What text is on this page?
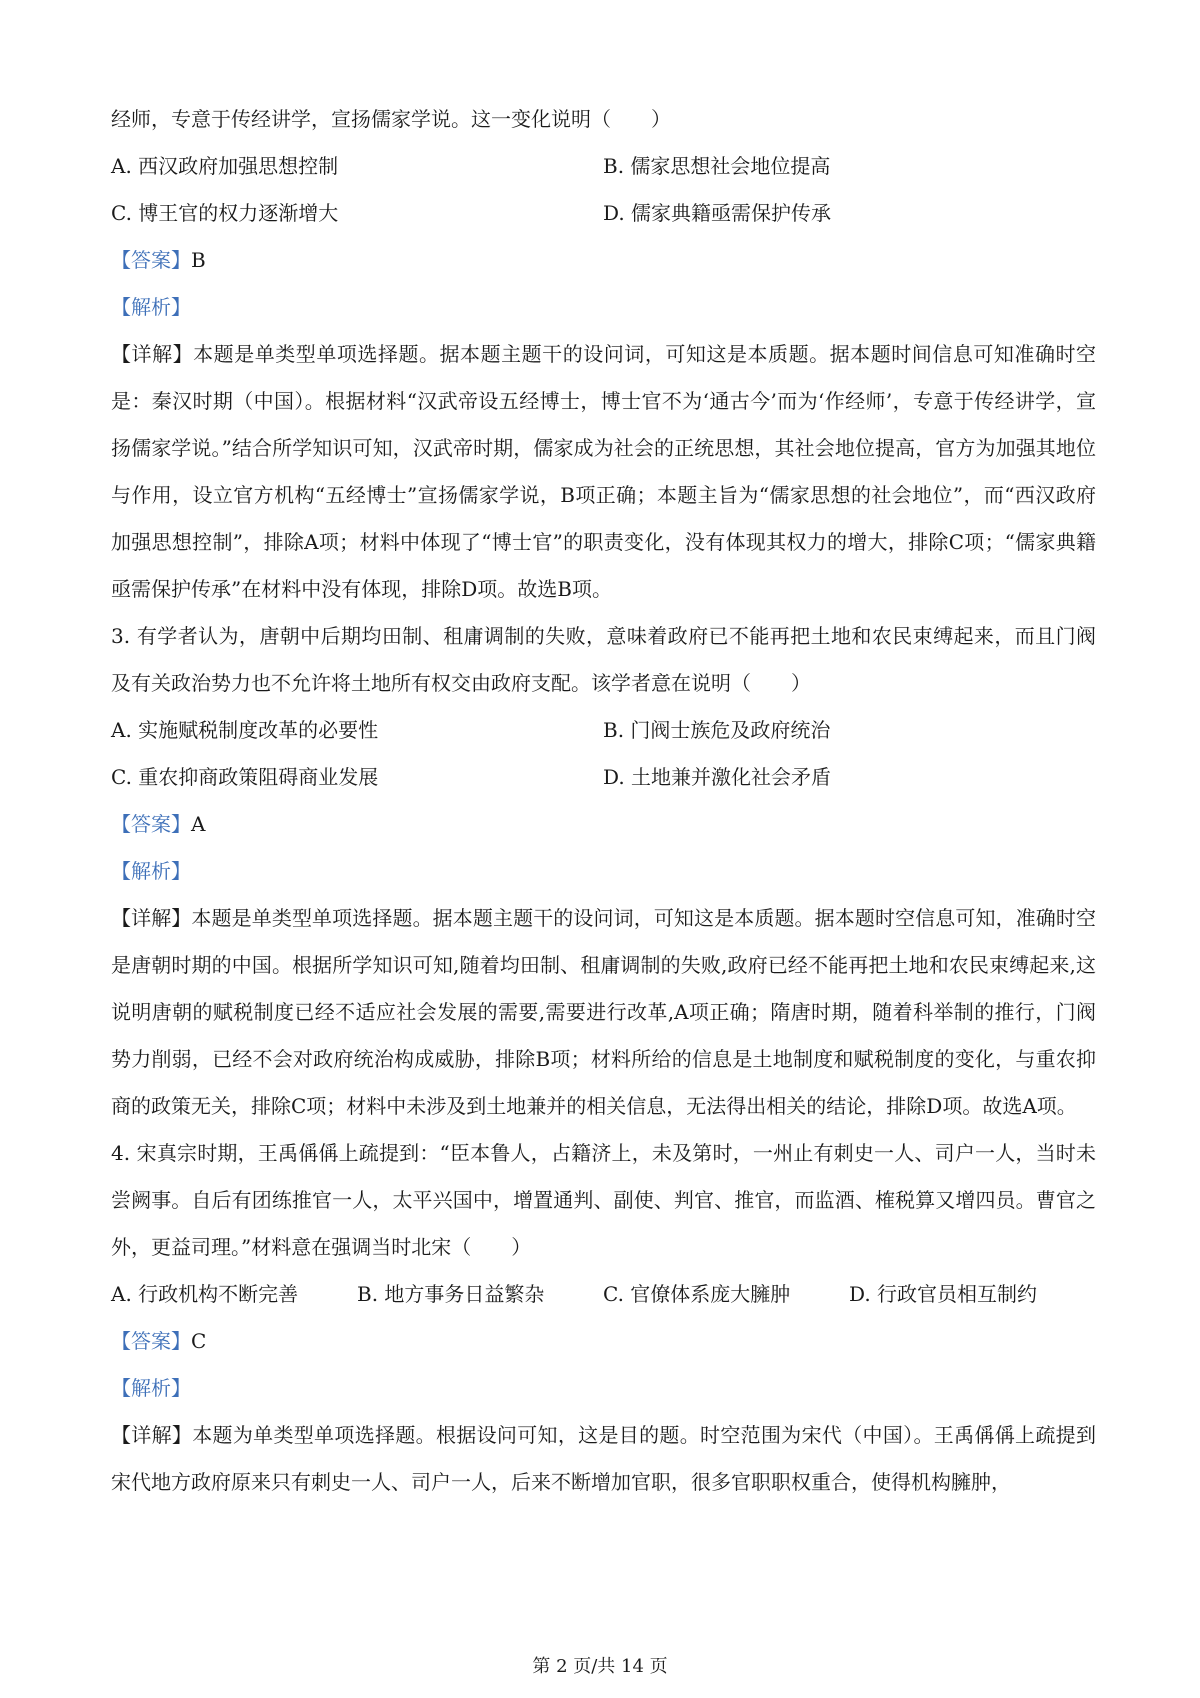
经师，专意于传经讲学，宣扬儒家学说。这一变化说明（　　）
A. 西汉政府加强思想控制	B. 儒家思想社会地位提高
C. 博王官的权力逐渐增大	D. 儒家典籍亟需保护传承
【答案】B
【解析】
【详解】本题是单类型单项选择题。据本题主题干的设问词，可知这是本质题。据本题时间信息可知准确时空是：秦汉时期（中国）。根据材料“汉武帝设五经博士，博士官不为‘通古今’而为‘作经师’，专意于传经讲学，宣扬儒家学说。”结合所学知识可知，汉武帝时期，儒家成为社会的正统思想，其社会地位提高，官方为加强其地位与作用，设立官方机构“五经博士”宣扬儒家学说，B项正确；本题主旨为“儒家思想的社会地位”，而“西汉政府加强思想控制”，排除A项；材料中体现了“博士官”的职责变化，没有体现其权力的增大，排除C项；“儒家典籍亟需保护传承”在材料中没有体现，排除D项。故选B项。
3. 有学者认为，唐朝中后期均田制、租庸调制的失败，意味着政府已不能再把土地和农民束缚起来，而且门阀及有关政治势力也不允许将土地所有权交由政府支配。该学者意在说明（　　）
A. 实施赋税制度改革的必要性	B. 门阀士族危及政府统治
C. 重农抑商政策阻碍商业发展	D. 土地兼并激化社会矛盾
【答案】A
【解析】
【详解】本题是单类型单项选择题。据本题主题干的设问词，可知这是本质题。据本题时空信息可知，准确时空是唐朝时期的中国。根据所学知识可知,随着均田制、租庸调制的失败,政府已经不能再把土地和农民束缚起来,这说明唐朝的赋税制度已经不适应社会发展的需要,需要进行改革,A项正确；隋唐时期，随着科举制的推行，门阀势力削弱，已经不会对政府统治构成威胁，排除B项；材料所给的信息是土地制度和赋税制度的变化，与重农抑商的政策无关，排除C项；材料中未涉及到土地兼并的相关信息，无法得出相关的结论，排除D项。故选A项。
4. 宋真宗时期，王禹偁偁上疏提到：“臣本鲁人，占籍济上，未及第时，一州止有刺史一人、司户一人，当时未尝阙事。自后有团练推官一人，太平兴国中，增置通判、副使、判官、推官，而监酒、榷税算又增四员。曹官之外，更益司理。”材料意在强调当时北宋（　　）
A. 行政机构不断完善	B. 地方事务日益繁杂	C. 官僚体系庞大臃肿	D. 行政官员相互制约
【答案】C
【解析】
【详解】本题为单类型单项选择题。根据设问可知，这是目的题。时空范围为宋代（中国）。王禹偁偁上疏提到宋代地方政府原来只有刺史一人、司户一人，后来不断增加官职，很多官职职权重合，使得机构臃肿，
第 2 页/共 14 页
